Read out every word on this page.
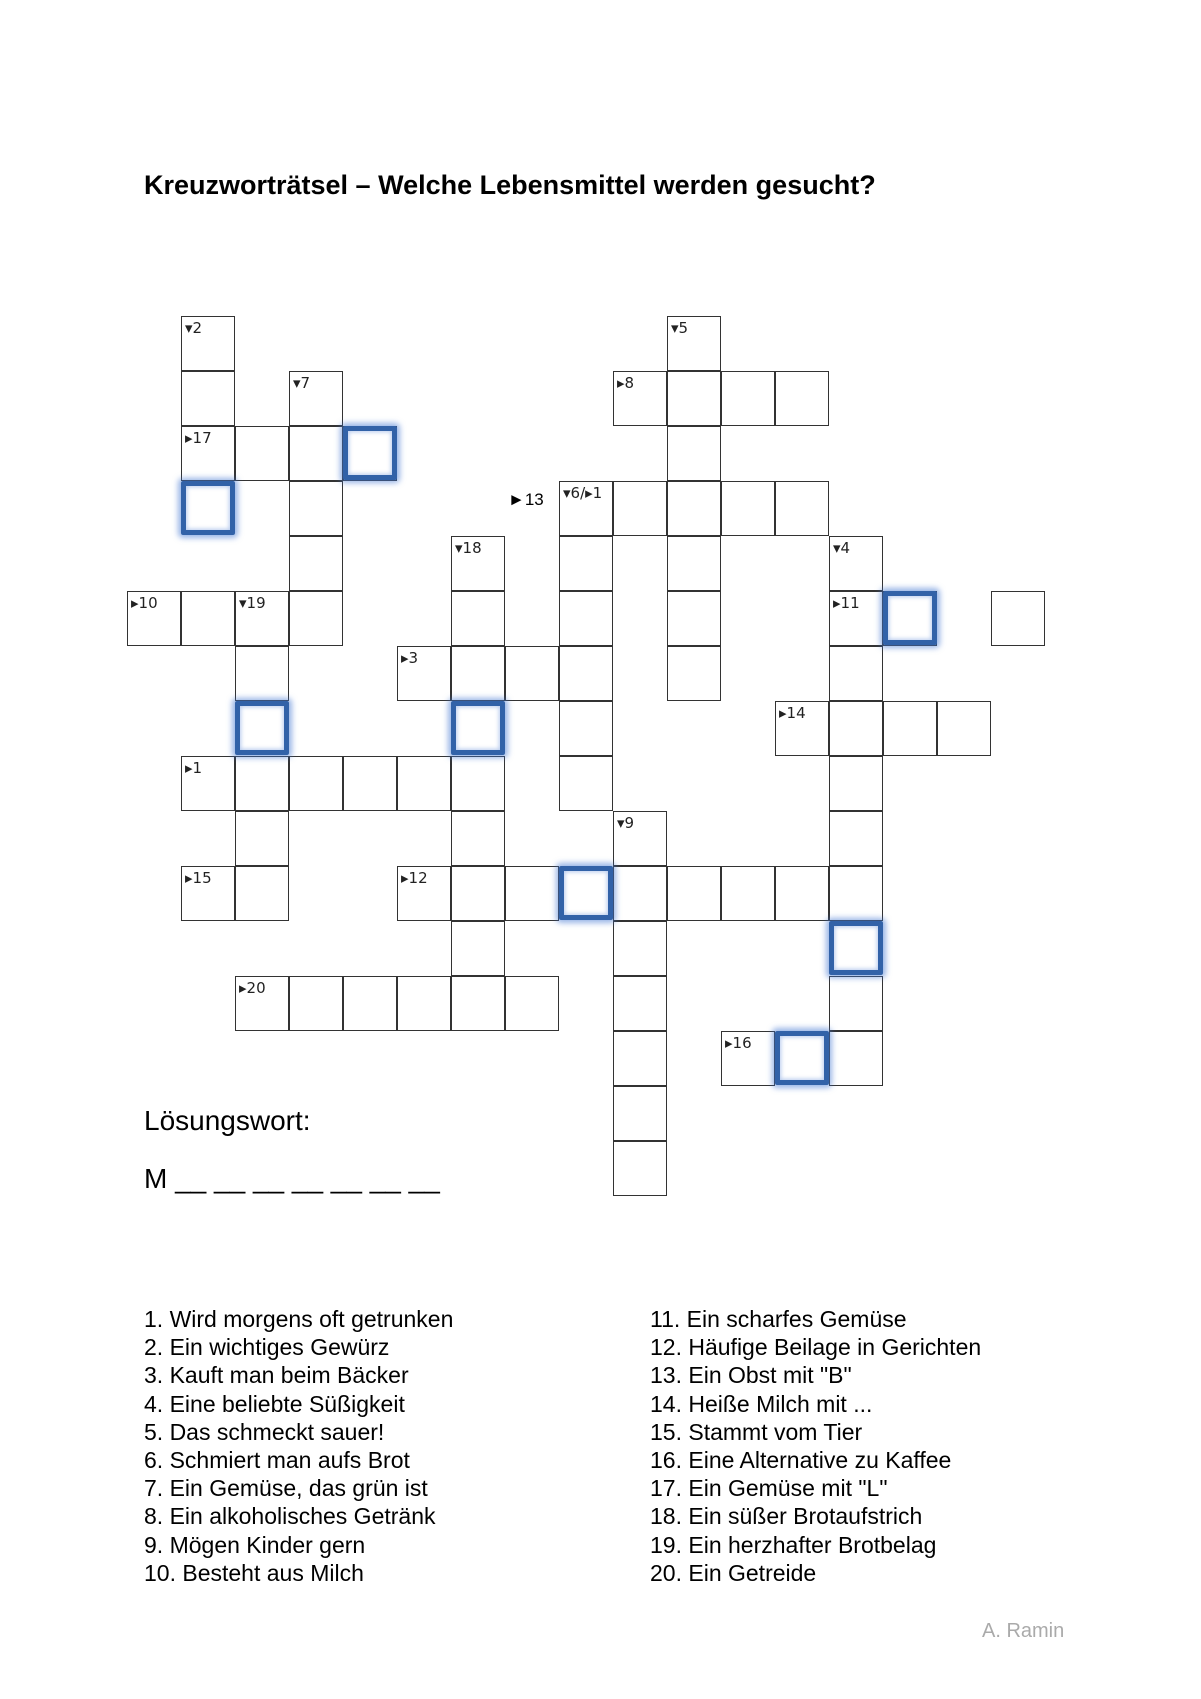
Kreuzworträtsel – Welche Lebensmittel werden gesucht?
▾2	▾5
▾7	▸8
▸17
▾6/▸1
▾18	▾4
▸10	▾19	▸11
▸3
▸14
▸1
▾9
▸15	▸12
▸20
▸16
►13
Lösungswort:
M __ __ __ __ __ __ __
1. Wird morgens oft getrunken
2. Ein wichtiges Gewürz
3. Kauft man beim Bäcker
4. Eine beliebte Süßigkeit
5. Das schmeckt sauer!
6. Schmiert man aufs Brot
7. Ein Gemüse, das grün ist
8. Ein alkoholisches Getränk
9. Mögen Kinder gern
10. Besteht aus Milch
11. Ein scharfes Gemüse
12. Häufige Beilage in Gerichten
13. Ein Obst mit "B"
14. Heiße Milch mit ...
15. Stammt vom Tier
16. Eine Alternative zu Kaffee
17. Ein Gemüse mit "L"
18. Ein süßer Brotaufstrich
19. Ein herzhafter Brotbelag
20. Ein Getreide
A. Ramin
